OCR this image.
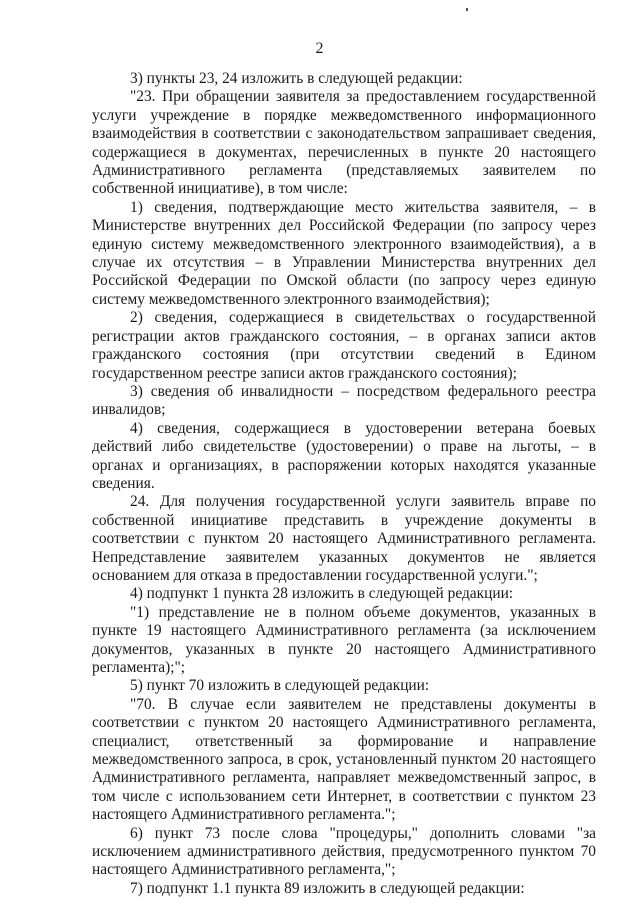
2

3) пункты 23, 24 изложить в следующей редакции:

"23. При обращении заявителя за предоставлением государственной услуги учреждение в порядке межведомственного информационного взаимодействия в соответствии с законодательством запрашивает сведения, содержащиеся в документах, перечисленных в пункте 20 настоящего Административного регламента (представляемых заявителем по собственной инициативе), в том числе:

1) сведения, подтверждающие место жительства заявителя, – в Министерстве внутренних дел Российской Федерации (по запросу через единую систему межведомственного электронного взаимодействия), а в случае их отсутствия – в Управлении Министерства внутренних дел Российской Федерации по Омской области (по запросу через единую систему межведомственного электронного взаимодействия);

2) сведения, содержащиеся в свидетельствах о государственной регистрации актов гражданского состояния, – в органах записи актов гражданского состояния (при отсутствии сведений в Едином государственном реестре записи актов гражданского состояния);

3) сведения об инвалидности – посредством федерального реестра инвалидов;

4) сведения, содержащиеся в удостоверении ветерана боевых действий либо свидетельстве (удостоверении) о праве на льготы, – в органах и организациях, в распоряжении которых находятся указанные сведения.

24. Для получения государственной услуги заявитель вправе по собственной инициативе представить в учреждение документы в соответствии с пунктом 20 настоящего Административного регламента. Непредставление заявителем указанных документов не является основанием для отказа в предоставлении государственной услуги.";

4) подпункт 1 пункта 28 изложить в следующей редакции:

"1) представление не в полном объеме документов, указанных в пункте 19 настоящего Административного регламента (за исключением документов, указанных в пункте 20 настоящего Административного регламента);";

5) пункт 70 изложить в следующей редакции:

"70. В случае если заявителем не представлены документы в соответствии с пунктом 20 настоящего Административного регламента, специалист, ответственный за формирование и направление межведомственного запроса, в срок, установленный пунктом 20 настоящего Административного регламента, направляет межведомственный запрос, в том числе с использованием сети Интернет, в соответствии с пунктом 23 настоящего Административного регламента.";

6) пункт 73 после слова "процедуры," дополнить словами "за исключением административного действия, предусмотренного пунктом 70 настоящего Административного регламента,";

7) подпункт 1.1 пункта 89 изложить в следующей редакции:
